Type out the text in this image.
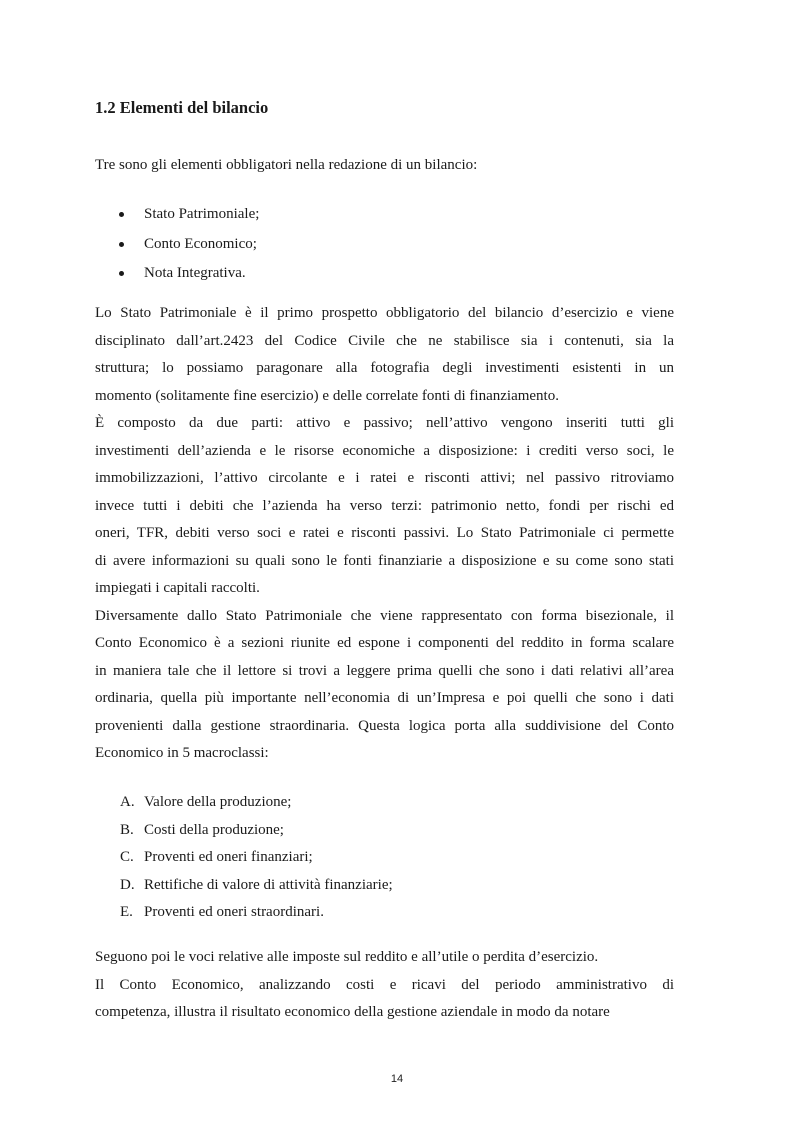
1.2 Elementi del bilancio

Tre sono gli elementi obbligatori nella redazione di un bilancio:

Stato Patrimoniale;
Conto Economico;
Nota Integrativa.
Lo Stato Patrimoniale è il primo prospetto obbligatorio del bilancio d’esercizio e viene
disciplinato dall’art.2423 del Codice Civile che ne stabilisce sia i contenuti, sia la
struttura; lo possiamo paragonare alla fotografia degli investimenti esistenti in un
momento (solitamente fine esercizio) e delle correlate fonti di finanziamento.
È composto da due parti: attivo e passivo; nell’attivo vengono inseriti tutti gli
investimenti dell’azienda e le risorse economiche a disposizione: i crediti verso soci, le
immobilizzazioni, l’attivo circolante e i ratei e risconti attivi; nel passivo ritroviamo
invece tutti i debiti che l’azienda ha verso terzi: patrimonio netto, fondi per rischi ed
oneri, TFR, debiti verso soci e ratei e risconti passivi. Lo Stato Patrimoniale ci permette
di avere informazioni su quali sono le fonti finanziarie a disposizione e su come sono stati
impiegati i capitali raccolti.
Diversamente dallo Stato Patrimoniale che viene rappresentato con forma bisezionale, il
Conto Economico è a sezioni riunite ed espone i componenti del reddito in forma scalare
in maniera tale che il lettore si trovi a leggere prima quelli che sono i dati relativi all’area
ordinaria, quella più importante nell’economia di un’Impresa e poi quelli che sono i dati
provenienti dalla gestione straordinaria. Questa logica porta alla suddivisione del Conto
Economico in 5 macroclassi:
A. Valore della produzione;
B. Costi della produzione;
C. Proventi ed oneri finanziari;
D. Rettifiche di valore di attività finanziarie;
E. Proventi ed oneri straordinari.
Seguono poi le voci relative alle imposte sul reddito e all’utile o perdita d’esercizio.
Il Conto Economico, analizzando costi e ricavi del periodo amministrativo di
competenza, illustra il risultato economico della gestione aziendale in modo da notare
14
